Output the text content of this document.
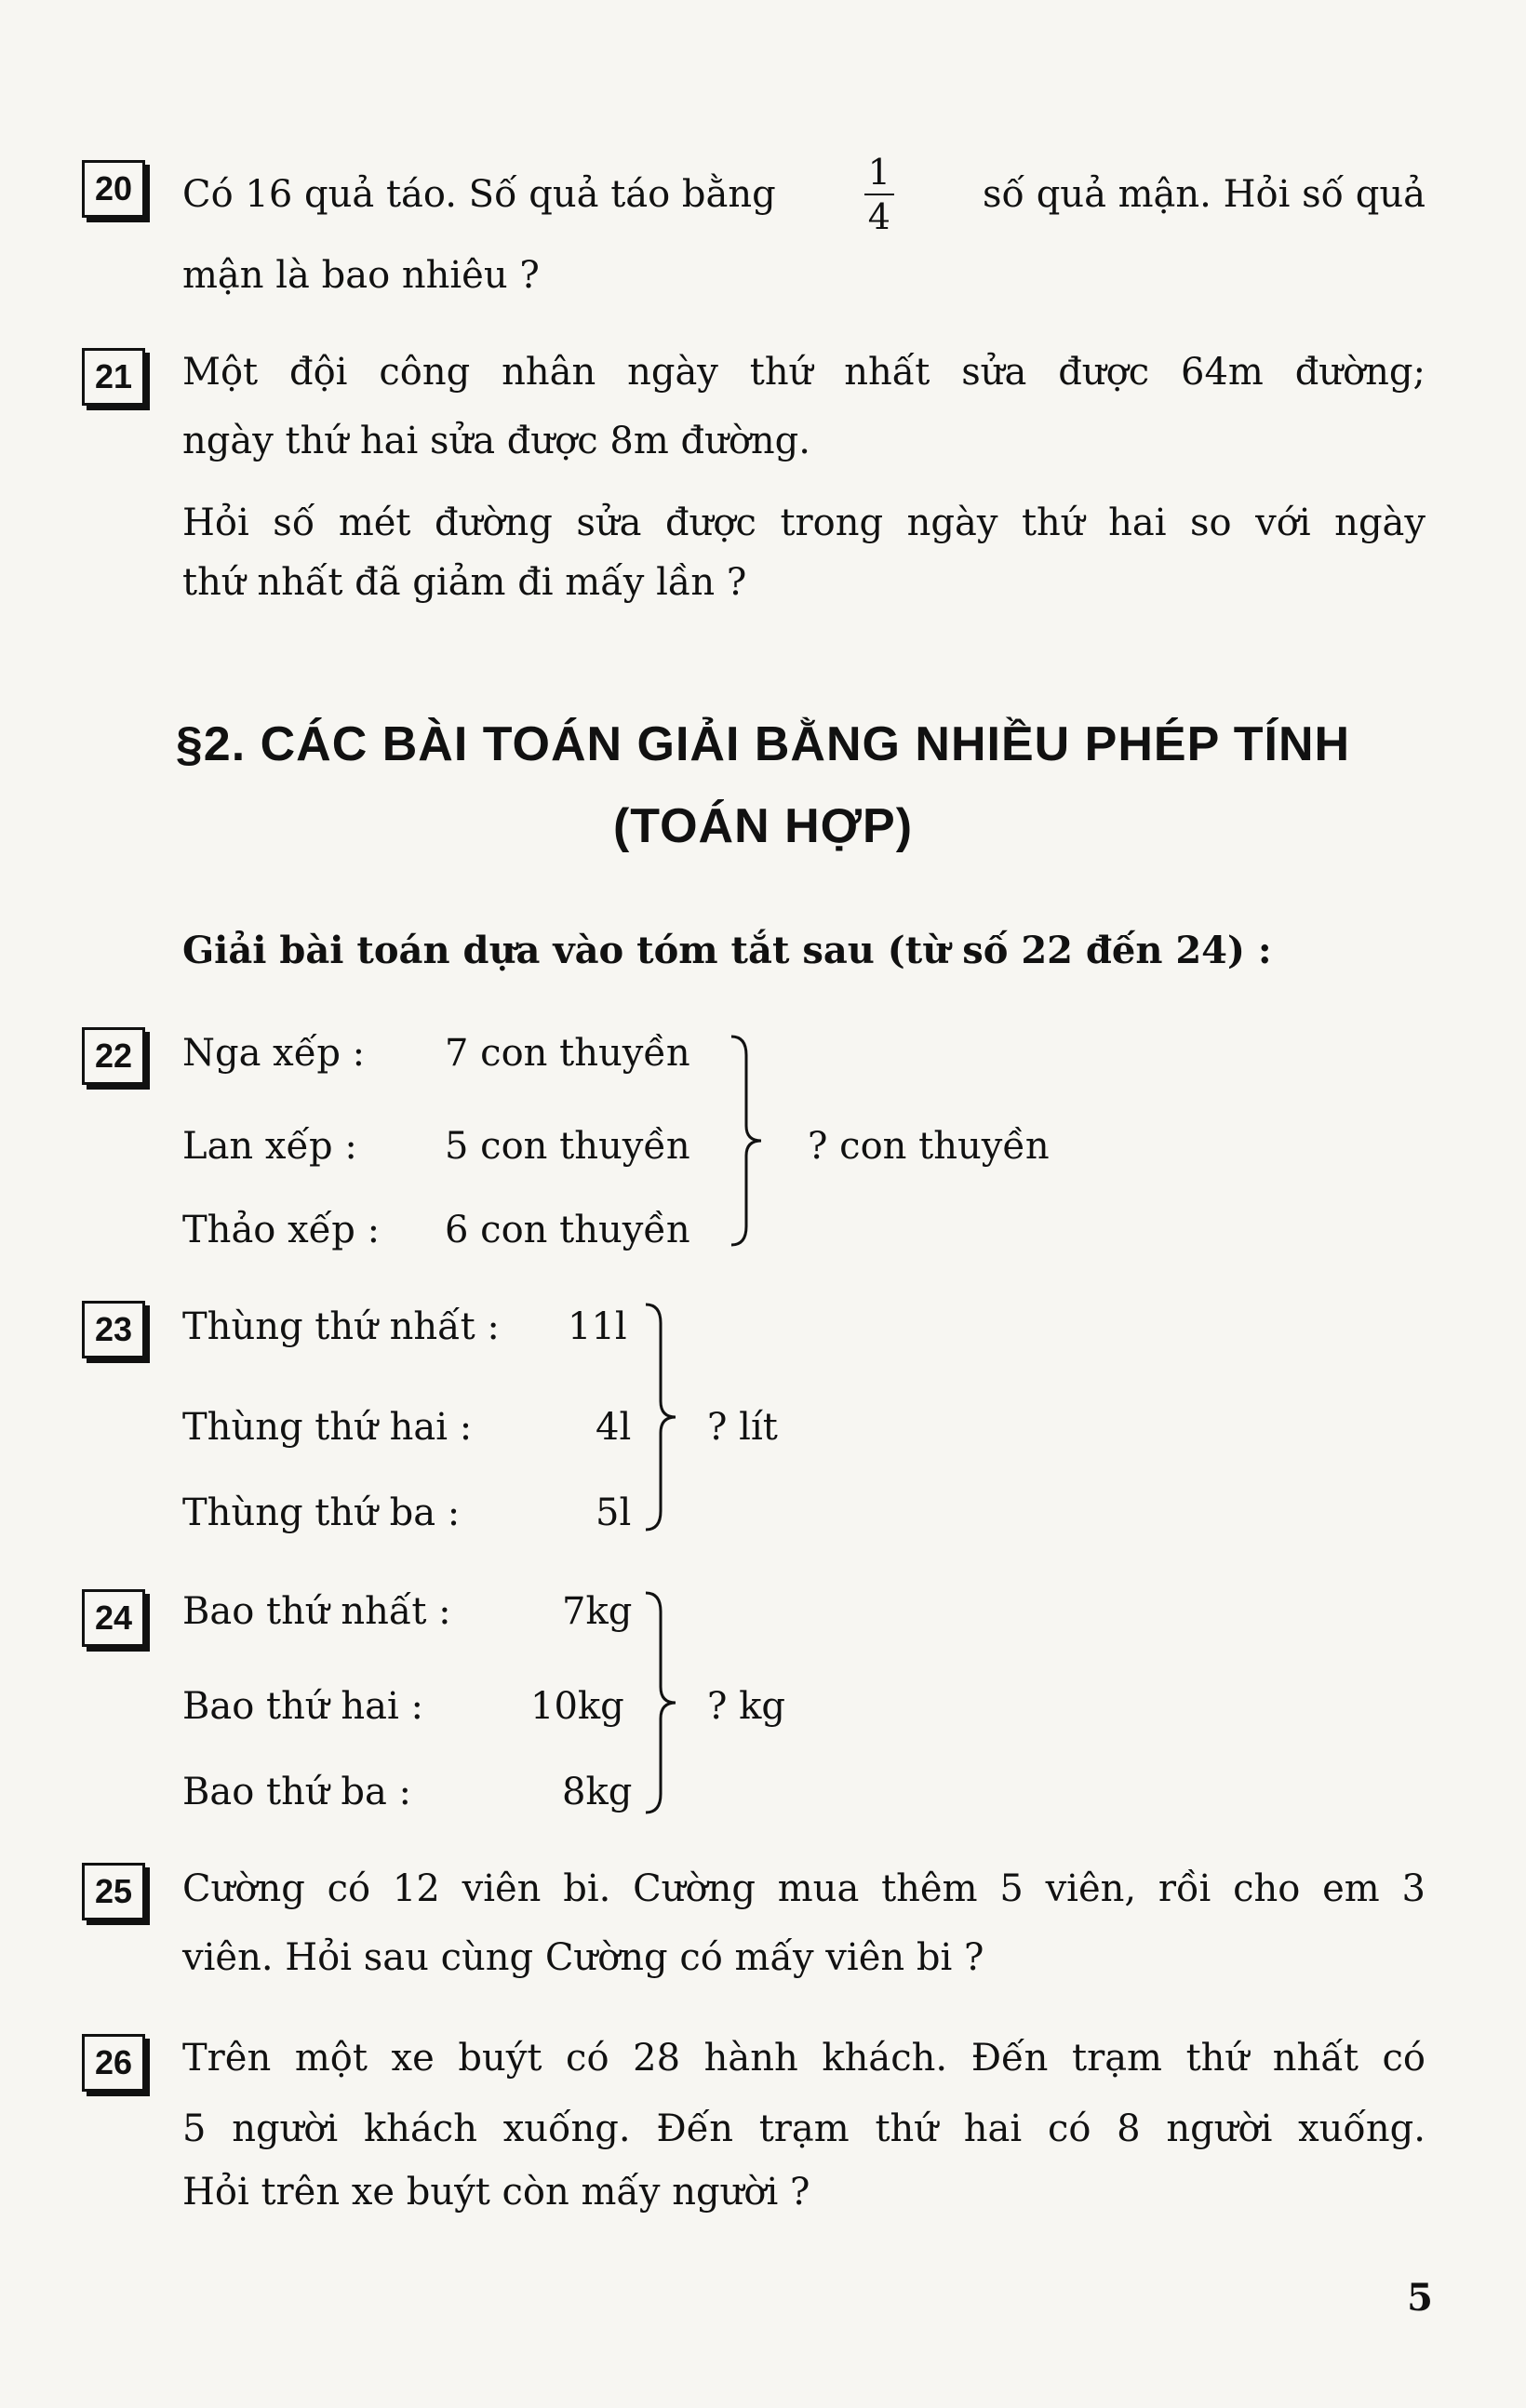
20	Có 16 quả táo. Số quả táo bằng	$\frac{1}{4}$ số quả mận. Hỏi số quả
mận là bao nhiêu ?
21	Một đội công nhân ngày thứ nhất sửa được 64m đường;
ngày thứ hai sửa được 8m đường.
Hỏi số mét đường sửa được trong ngày thứ hai so với ngày
thứ nhất đã giảm đi mấy lần ?
§2. CÁC BÀI TOÁN GIẢI BẰNG NHIỀU PHÉP TÍNH
(TOÁN HỢP)
Giải bài toán dựa vào tóm tắt sau (từ số 22 đến 24) :
22	Nga xếp : 7 con thuyền
Lan xếp : 5 con thuyền
Thảo xếp : 6 con thuyền
? con thuyền
23	Thùng thứ nhất : 11l
Thùng thứ hai :	4l
Thùng thứ ba :	5l
? lít
24	Bao thứ nhất :	7kg
Bao thứ hai :	10kg
Bao thứ ba :	8kg
? kg
25	Cường có 12 viên bi. Cường mua thêm 5 viên, rồi cho em 3
viên. Hỏi sau cùng Cường có mấy viên bi ?
26	Trên một xe buýt có 28 hành khách. Đến trạm thứ nhất có
5 người khách xuống. Đến trạm thứ hai có 8 người xuống.
Hỏi trên xe buýt còn mấy người ?
5
